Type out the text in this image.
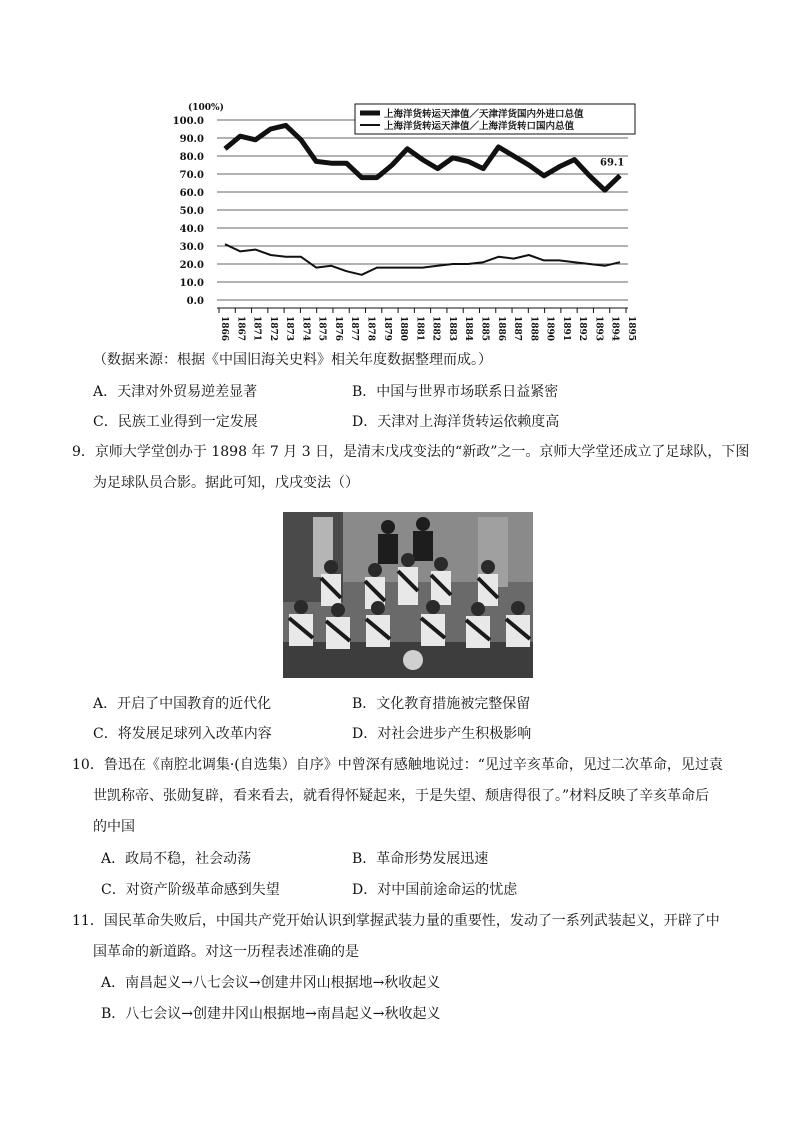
100.0
90.0
80.0
70.0
60.0
50.0
40.0
30.0
20.0
10.0
0.0
(100%)
1866 1867 1871 1872 1873 1874 1875 1876 1877 1878 1879 1880 1881 1882 1883 1884 1885 1886 1887 1888 1890 1891 1892 1893 1894 1895
69.1
上海洋货转运天津值／天津洋货国内外进口总值
上海洋货转运天津值／上海洋货转口国内总值
（数据来源：根据《中国旧海关史料》相关年度数据整理而成。）
A．天津对外贸易逆差显著	B．中国与世界市场联系日益紧密
C．民族工业得到一定发展	D．天津对上海洋货转运依赖度高
9．京师大学堂创办于 1898 年 7 月 3 日，是清末戊戌变法的“新政”之一。京师大学堂还成立了足球队，下图
为足球队员合影。据此可知，戊戌变法（）
A．开启了中国教育的近代化	B．文化教育措施被完整保留
C．将发展足球列入改革内容	D．对社会进步产生积极影响
10．鲁迅在《南腔北调集·(自选集）自序》中曾深有感触地说过：“见过辛亥革命，见过二次革命，见过袁
世凯称帝、张勋复辟，看来看去，就看得怀疑起来，于是失望、颓唐得很了。”材料反映了辛亥革命后
的中国
A．政局不稳，社会动荡	B．革命形势发展迅速
C．对资产阶级革命感到失望	D．对中国前途命运的忧虑
11．国民革命失败后，中国共产党开始认识到掌握武装力量的重要性，发动了一系列武装起义，开辟了中
国革命的新道路。对这一历程表述准确的是
A．南昌起义→八七会议→创建井冈山根据地→秋收起义
B．八七会议→创建井冈山根据地→南昌起义→秋收起义
